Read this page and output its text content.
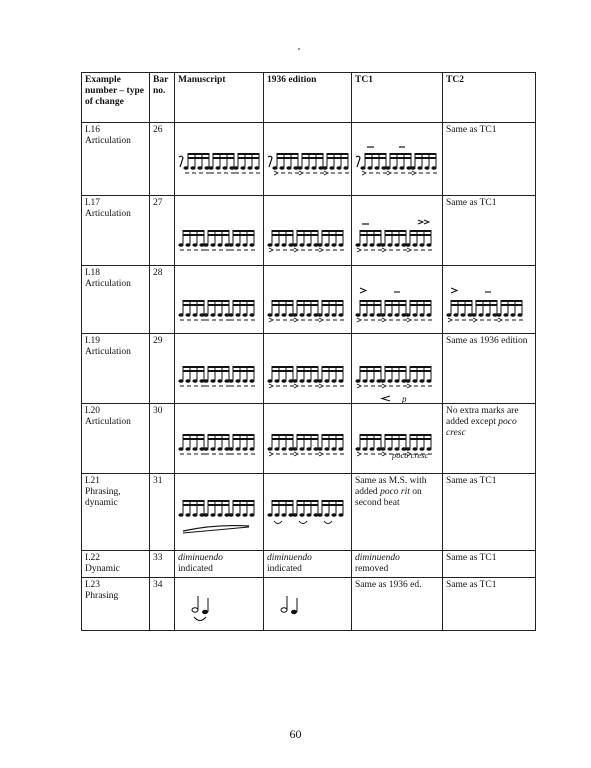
Example number – type of change	Bar no.	Manuscript	1936 edition	TC1	TC2

I.16
Articulation	26				Same as TC1

I.17
Articulation	27				Same as TC1

I.18
Articulation	28	

I.19
Articulation	29			p	Same as 1936 edition

I.20
Articulation	30			poco cresc	No extra marks are added except poco cresc

I.21
Phrasing, dynamic	31			Same as M.S. with added poco rit on second beat	Same as TC1

I.22
Dynamic	33	diminuendo
indicated	diminuendo
indicated	diminuendo
removed	Same as TC1

I.23
Phrasing	34			Same as 1936 ed.	Same as TC1
60
